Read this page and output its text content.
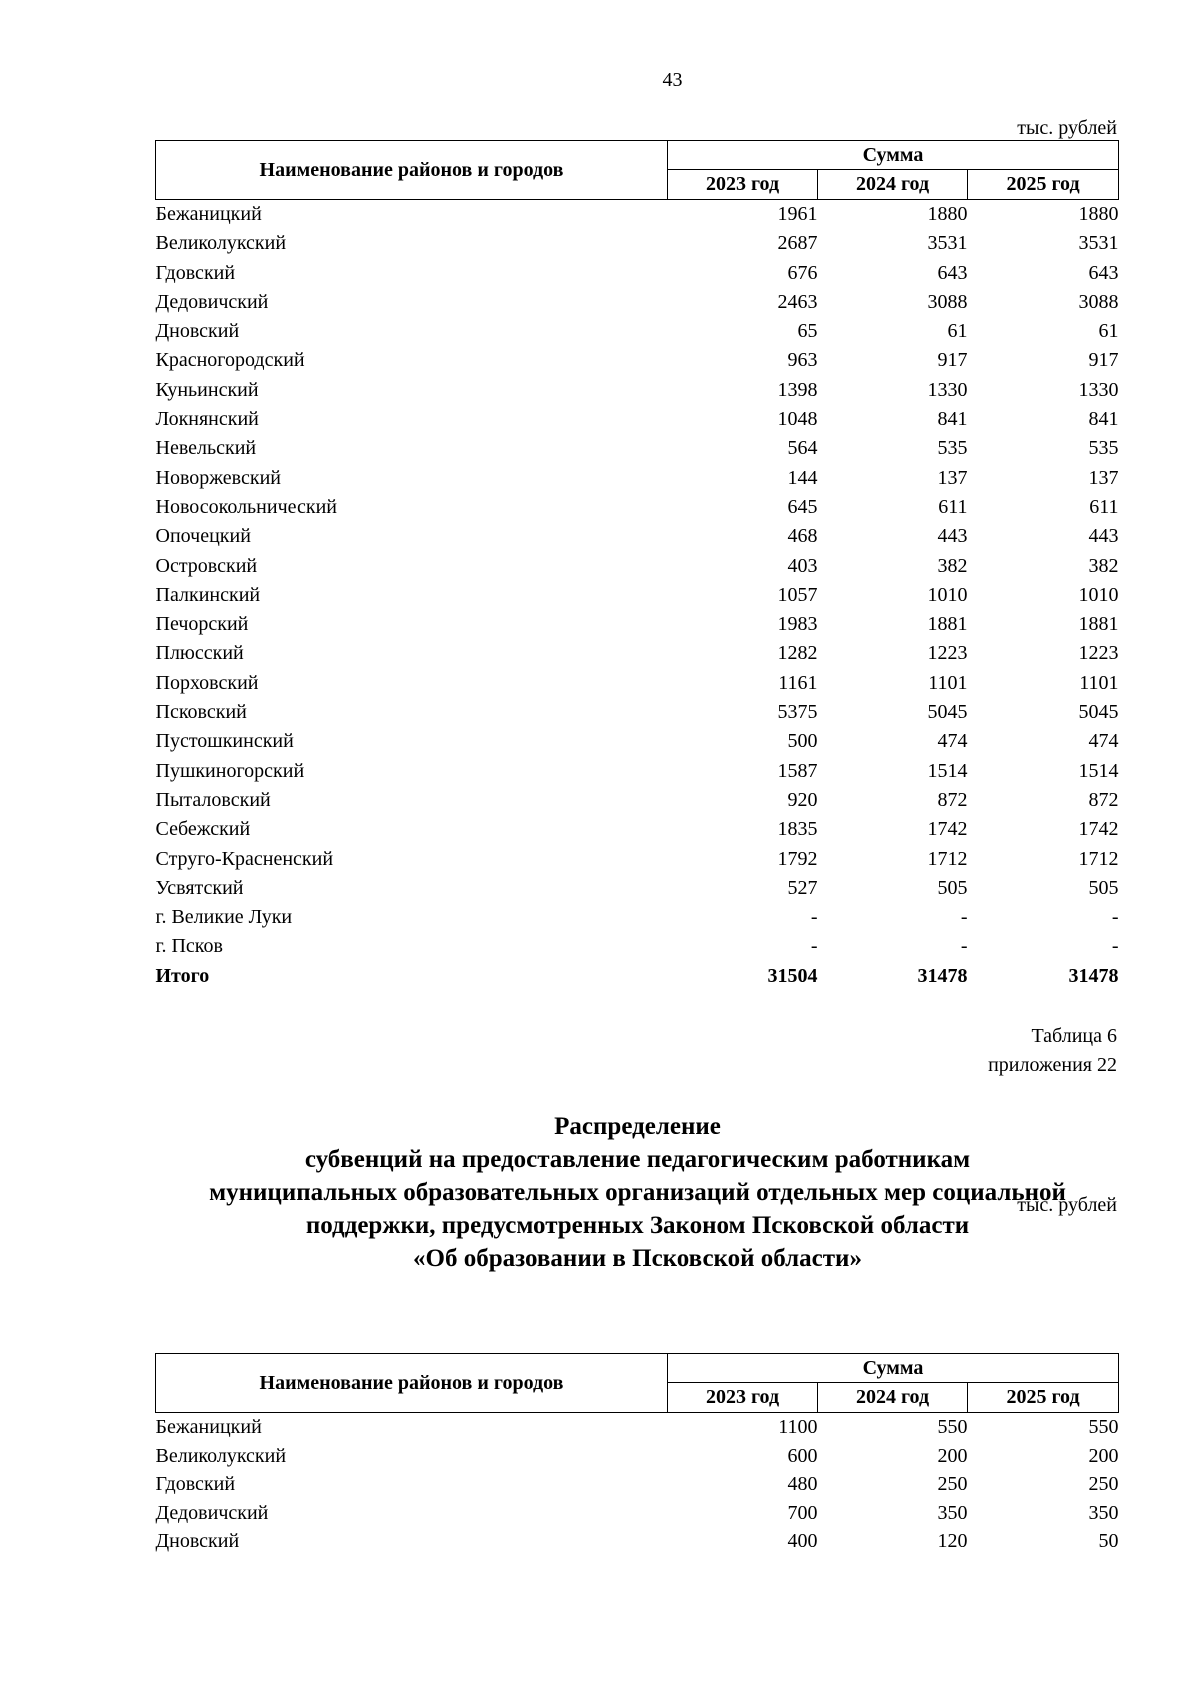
43
тыс. рублей
Наименование районов и городов	Сумма		
	2023 год	2024 год	2025 год
Бежаницкий	1961	1880	1880
Великолукский	2687	3531	3531
Гдовский	676	643	643
Дедовичский	2463	3088	3088
Дновский	65	61	61
Красногородский	963	917	917
Куньинский	1398	1330	1330
Локнянский	1048	841	841
Невельский	564	535	535
Новоржевский	144	137	137
Новосокольнический	645	611	611
Опочецкий	468	443	443
Островский	403	382	382
Палкинский	1057	1010	1010
Печорский	1983	1881	1881
Плюсский	1282	1223	1223
Порховский	1161	1101	1101
Псковский	5375	5045	5045
Пустошкинский	500	474	474
Пушкиногорский	1587	1514	1514
Пыталовский	920	872	872
Себежский	1835	1742	1742
Струго-Красненский	1792	1712	1712
Усвятский	527	505	505
г. Великие Луки	-	-	-
г. Псков	-	-	-
Итого	31504	31478	31478
Таблица 6
приложения 22
Распределение
субвенций на предоставление педагогическим работникам
муниципальных образовательных организаций отдельных мер социальной
поддержки, предусмотренных Законом Псковской области
«Об образовании в Псковской области»
тыс. рублей
Наименование районов и городов	Сумма		
	2023 год	2024 год	2025 год
Бежаницкий	1100	550	550
Великолукский	600	200	200
Гдовский	480	250	250
Дедовичский	700	350	350
Дновский	400	120	50
